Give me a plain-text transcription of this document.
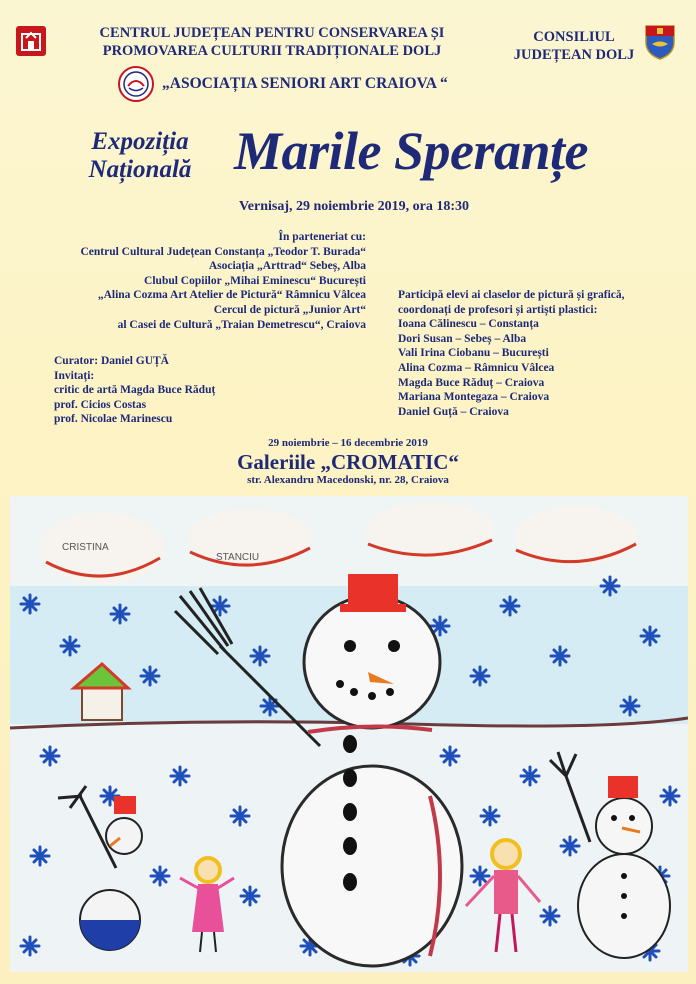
CENTRUL JUDEȚEAN PENTRU CONSERVAREA ȘI
PROMOVAREA CULTURII TRADIȚIONALE DOLJ
CONSILIUL
JUDEȚEAN DOLJ
„ASOCIAȚIA SENIORI ART CRAIOVA “
Expoziția
Națională Marile Speranțe
Vernisaj, 29 noiembrie 2019, ora 18:30
În parteneriat cu:
Centrul Cultural Județean Constanța „Teodor T. Burada“
Asociația „Arttrad“ Sebeș, Alba
Clubul Copiilor „Mihai Eminescu“ București
„Alina Cozma Art Atelier de Pictură“ Râmnicu Vâlcea
Cercul de pictură „Junior Art“
al Casei de Cultură „Traian Demetrescu“, Craiova
Participă elevi ai claselor de pictură și grafică,
coordonați de profesori și artiști plastici:
Ioana Călinescu – Constanța
Dori Susan – Sebeș – Alba
Vali Irina Ciobanu – București
Alina Cozma – Râmnicu Vâlcea
Magda Buce Răduț – Craiova
Mariana Montegaza – Craiova
Daniel Guță – Craiova
Curator: Daniel GUȚĂ
Invitați:
critic de artă Magda Buce Răduț
prof. Cicios Costas
prof. Nicolae Marinescu
29 noiembrie – 16 decembrie 2019
Galeriile „CROMATIC“
str. Alexandru Macedonski, nr. 28, Craiova
CRISTINA
STANCIU
